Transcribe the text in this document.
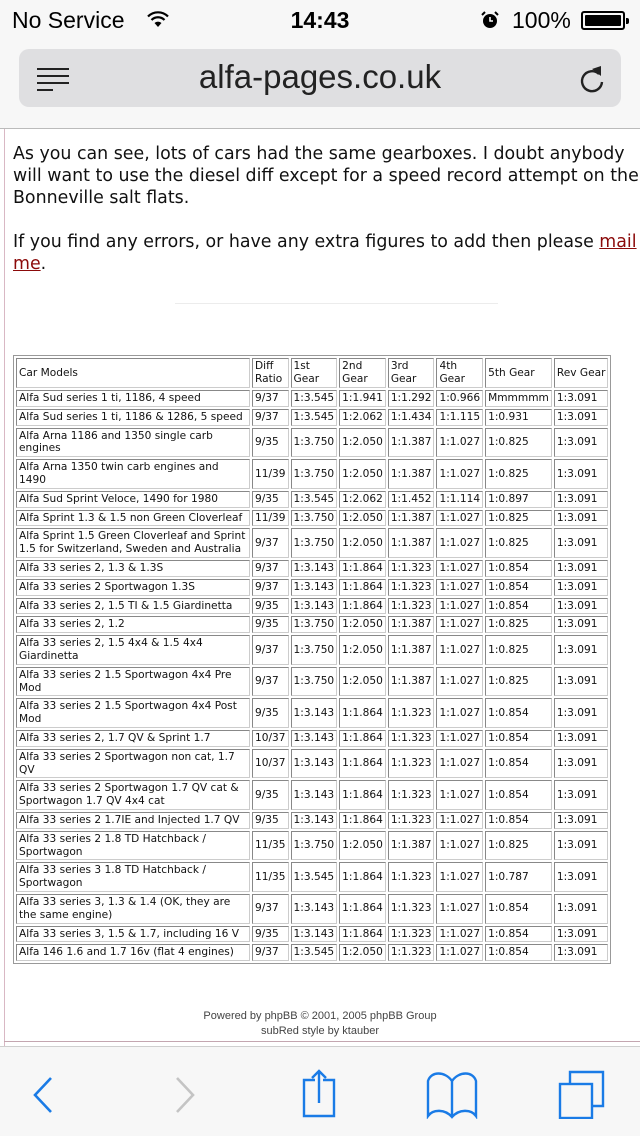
No Service	14:43	100%
alfa-pages.co.uk

As you can see, lots of cars had the same gearboxes. I doubt anybody
will want to use the diesel diff except for a speed record attempt on the
Bonneville salt flats.

If you find any errors, or have any extra figures to add then please mail
me.

Car Models	Diff Ratio	1st Gear	2nd Gear	3rd Gear	4th Gear	5th Gear	Rev Gear
Alfa Sud series 1 ti, 1186, 4 speed	9/37	1:3.545	1:1.941	1:1.292	1:0.966	Mmmmmm	1:3.091
Alfa Sud series 1 ti, 1186 & 1286, 5 speed	9/37	1:3.545	1:2.062	1:1.434	1:1.115	1:0.931	1:3.091
Alfa Arna 1186 and 1350 single carb engines	9/35	1:3.750	1:2.050	1:1.387	1:1.027	1:0.825	1:3.091
Alfa Arna 1350 twin carb engines and 1490	11/39	1:3.750	1:2.050	1:1.387	1:1.027	1:0.825	1:3.091
Alfa Sud Sprint Veloce, 1490 for 1980	9/35	1:3.545	1:2.062	1:1.452	1:1.114	1:0.897	1:3.091
Alfa Sprint 1.3 & 1.5 non Green Cloverleaf	11/39	1:3.750	1:2.050	1:1.387	1:1.027	1:0.825	1:3.091
Alfa Sprint 1.5 Green Cloverleaf and Sprint 1.5 for Switzerland, Sweden and Australia	9/37	1:3.750	1:2.050	1:1.387	1:1.027	1:0.825	1:3.091
Alfa 33 series 2, 1.3 & 1.3S	9/37	1:3.143	1:1.864	1:1.323	1:1.027	1:0.854	1:3.091
Alfa 33 series 2 Sportwagon 1.3S	9/37	1:3.143	1:1.864	1:1.323	1:1.027	1:0.854	1:3.091
Alfa 33 series 2, 1.5 TI & 1.5 Giardinetta	9/35	1:3.143	1:1.864	1:1.323	1:1.027	1:0.854	1:3.091
Alfa 33 series 2, 1.2	9/35	1:3.750	1:2.050	1:1.387	1:1.027	1:0.825	1:3.091
Alfa 33 series 2, 1.5 4x4 & 1.5 4x4 Giardinetta	9/37	1:3.750	1:2.050	1:1.387	1:1.027	1:0.825	1:3.091
Alfa 33 series 2 1.5 Sportwagon 4x4 Pre Mod	9/37	1:3.750	1:2.050	1:1.387	1:1.027	1:0.825	1:3.091
Alfa 33 series 2 1.5 Sportwagon 4x4 Post Mod	9/35	1:3.143	1:1.864	1:1.323	1:1.027	1:0.854	1:3.091
Alfa 33 series 2, 1.7 QV & Sprint 1.7	10/37	1:3.143	1:1.864	1:1.323	1:1.027	1:0.854	1:3.091
Alfa 33 series 2 Sportwagon non cat, 1.7 QV	10/37	1:3.143	1:1.864	1:1.323	1:1.027	1:0.854	1:3.091
Alfa 33 series 2 Sportwagon 1.7 QV cat & Sportwagon 1.7 QV 4x4 cat	9/35	1:3.143	1:1.864	1:1.323	1:1.027	1:0.854	1:3.091
Alfa 33 series 2 1.7IE and Injected 1.7 QV	9/35	1:3.143	1:1.864	1:1.323	1:1.027	1:0.854	1:3.091
Alfa 33 series 2 1.8 TD Hatchback / Sportwagon	11/35	1:3.750	1:2.050	1:1.387	1:1.027	1:0.825	1:3.091
Alfa 33 series 3 1.8 TD Hatchback / Sportwagon	11/35	1:3.545	1:1.864	1:1.323	1:1.027	1:0.787	1:3.091
Alfa 33 series 3, 1.3 & 1.4 (OK, they are the same engine)	9/37	1:3.143	1:1.864	1:1.323	1:1.027	1:0.854	1:3.091
Alfa 33 series 3, 1.5 & 1.7, including 16 V	9/35	1:3.143	1:1.864	1:1.323	1:1.027	1:0.854	1:3.091
Alfa 146 1.6 and 1.7 16v (flat 4 engines)	9/37	1:3.545	1:2.050	1:1.323	1:1.027	1:0.854	1:3.091
Powered by phpBB © 2001, 2005 phpBB Group
subRed style by ktauber
